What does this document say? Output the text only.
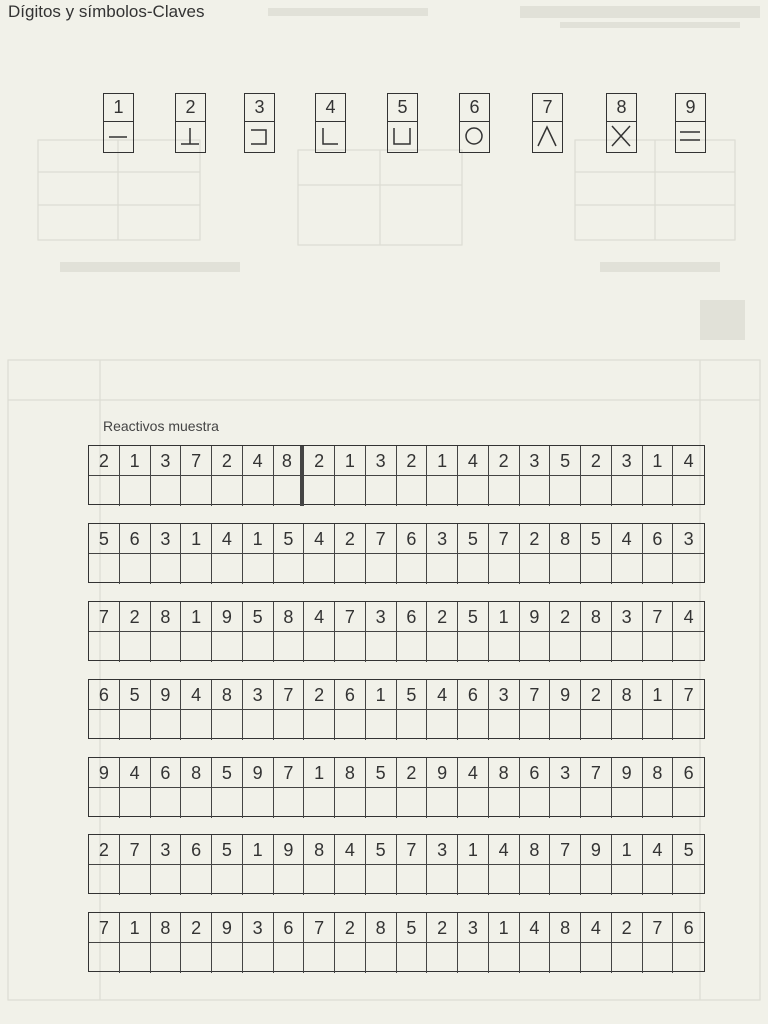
Dígitos y símbolos-Claves
1	2	3	4	5	6	7	8	9
Reactivos muestra
2	1	3	7	2	4	8	2	1	3	2	1	4	2	3	5	2	3	1	4
5	6	3	1	4	1	5	4	2	7	6	3	5	7	2	8	5	4	6	3
7	2	8	1	9	5	8	4	7	3	6	2	5	1	9	2	8	3	7	4
6	5	9	4	8	3	7	2	6	1	5	4	6	3	7	9	2	8	1	7
9	4	6	8	5	9	7	1	8	5	2	9	4	8	6	3	7	9	8	6
2	7	3	6	5	1	9	8	4	5	7	3	1	4	8	7	9	1	4	5
7	1	8	2	9	3	6	7	2	8	5	2	3	1	4	8	4	2	7	6
